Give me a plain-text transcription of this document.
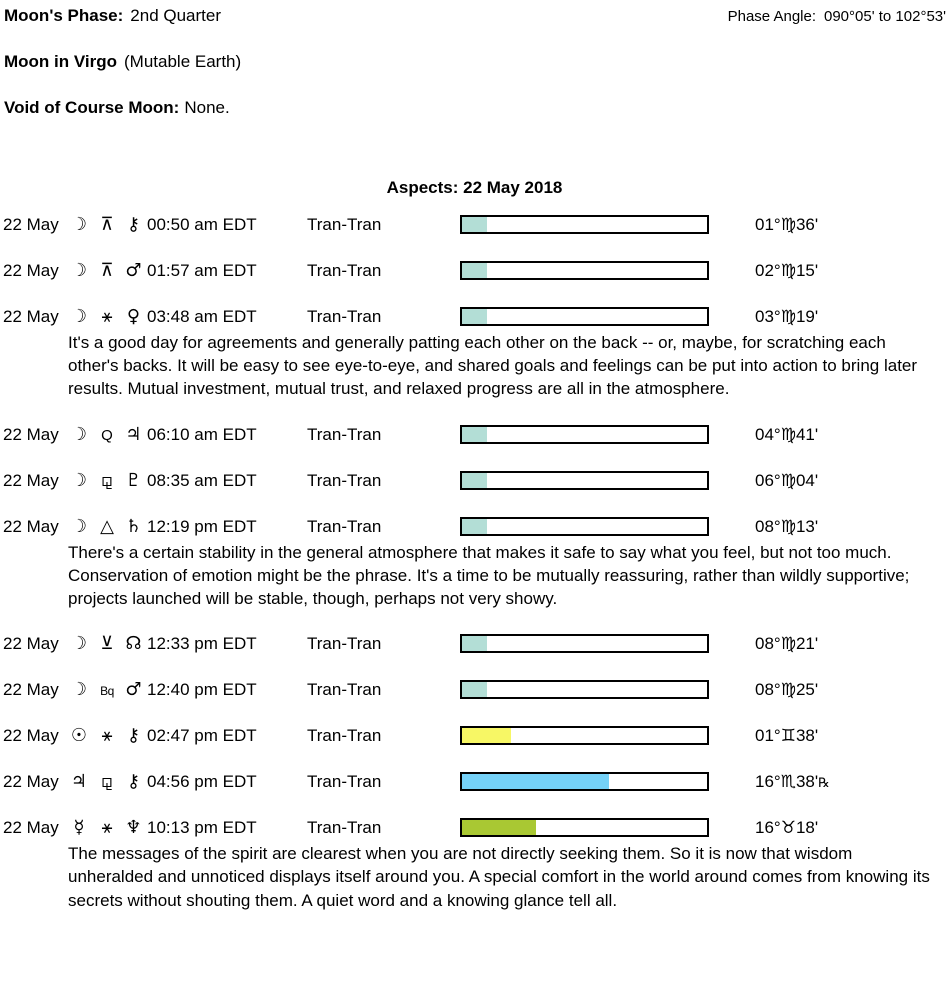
Moon's Phase: 2nd Quarter	Phase Angle: 090°05' to 102°53'
Moon in Virgo (Mutable Earth)
Void of Course Moon: None.
Aspects: 22 May 2018
22 May ☽ ⊼ ⚷ 00:50 am EDT	Tran-Tran	01°♍36'
22 May ☽ ⊼ ♂ 01:57 am EDT	Tran-Tran	02°♍15'
22 May ☽ ⚹ ♀ 03:48 am EDT	Tran-Tran	03°♍19'
It's a good day for agreements and generally patting each other on the back -- or, maybe, for scratching each other's backs. It will be easy to see eye-to-eye, and shared goals and feelings can be put into action to bring later results. Mutual investment, mutual trust, and relaxed progress are all in the atmosphere.
22 May ☽ Q ♃ 06:10 am EDT	Tran-Tran	04°♍41'
22 May ☽ ⚼ ♇ 08:35 am EDT	Tran-Tran	06°♍04'
22 May ☽ △ ♄ 12:19 pm EDT	Tran-Tran	08°♍13'
There's a certain stability in the general atmosphere that makes it safe to say what you feel, but not too much. Conservation of emotion might be the phrase. It's a time to be mutually reassuring, rather than wildly supportive; projects launched will be stable, though, perhaps not very showy.
22 May ☽ ⊻ ☊ 12:33 pm EDT	Tran-Tran	08°♍21'
22 May ☽	Bq ♂ 12:40 pm EDT	Tran-Tran	08°♍25'
22 May ☉ ⚹ ⚷ 02:47 pm EDT	Tran-Tran	01°♊38'
22 May ♃ ⚼ ⚷ 04:56 pm EDT	Tran-Tran	16°♏38'℞
22 May ☿ ⚹ ♆ 10:13 pm EDT	Tran-Tran	16°♉18'
The messages of the spirit are clearest when you are not directly seeking them. So it is now that wisdom unheralded and unnoticed displays itself around you. A special comfort in the world around comes from knowing its secrets without shouting them. A quiet word and a knowing glance tell all.
